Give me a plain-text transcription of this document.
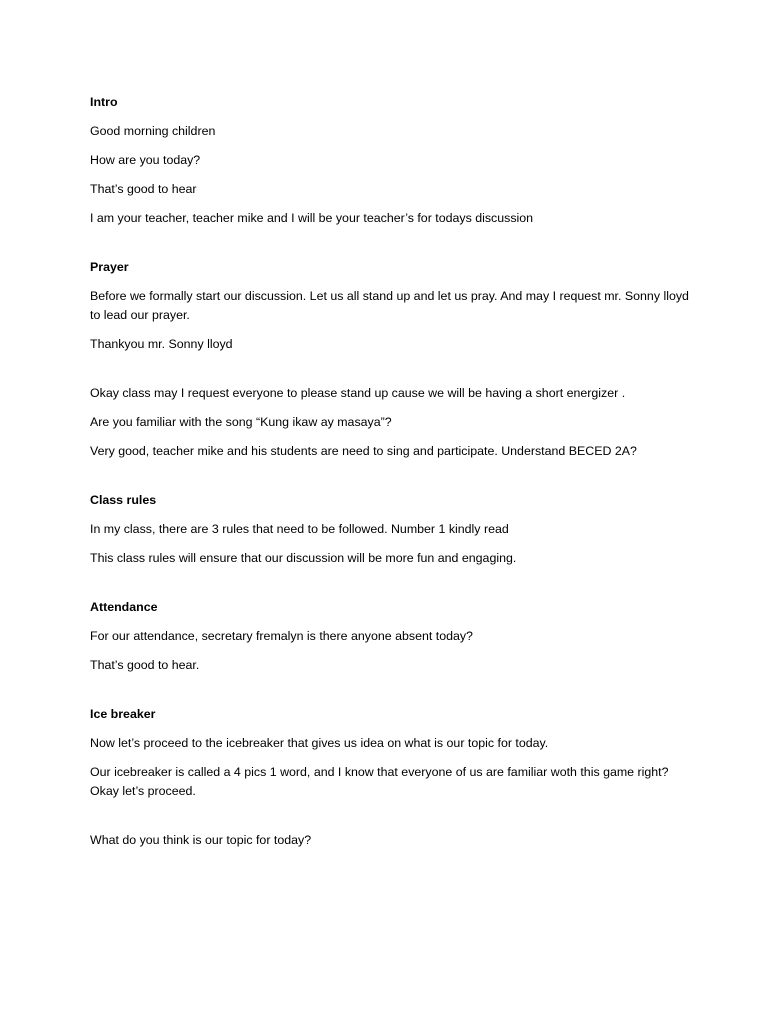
Intro
Good morning children
How are you today?
That’s good to hear
I am your teacher, teacher mike and I will be your teacher’s for todays discussion
Prayer
Before we formally start our discussion. Let us all stand up and let us pray. And may I request mr. Sonny lloyd to lead our prayer.
Thankyou mr. Sonny lloyd
Okay class may I request everyone to please stand up cause we will be having a short energizer .
Are you familiar with the song “Kung ikaw ay masaya”?
Very good, teacher mike and his students are need to sing and participate. Understand BECED 2A?
Class rules
In my class, there are 3 rules that need to be followed. Number 1 kindly read
This class rules will ensure that our discussion will be more fun and engaging.
Attendance
For our attendance, secretary fremalyn is there anyone absent today?
That’s good to hear.
Ice breaker
Now let’s proceed to the icebreaker that gives us idea on what is our topic for today.
Our icebreaker is called a 4 pics 1 word, and I know that everyone of us are familiar woth this game right? Okay let’s proceed.
What do you think is our topic for today?
